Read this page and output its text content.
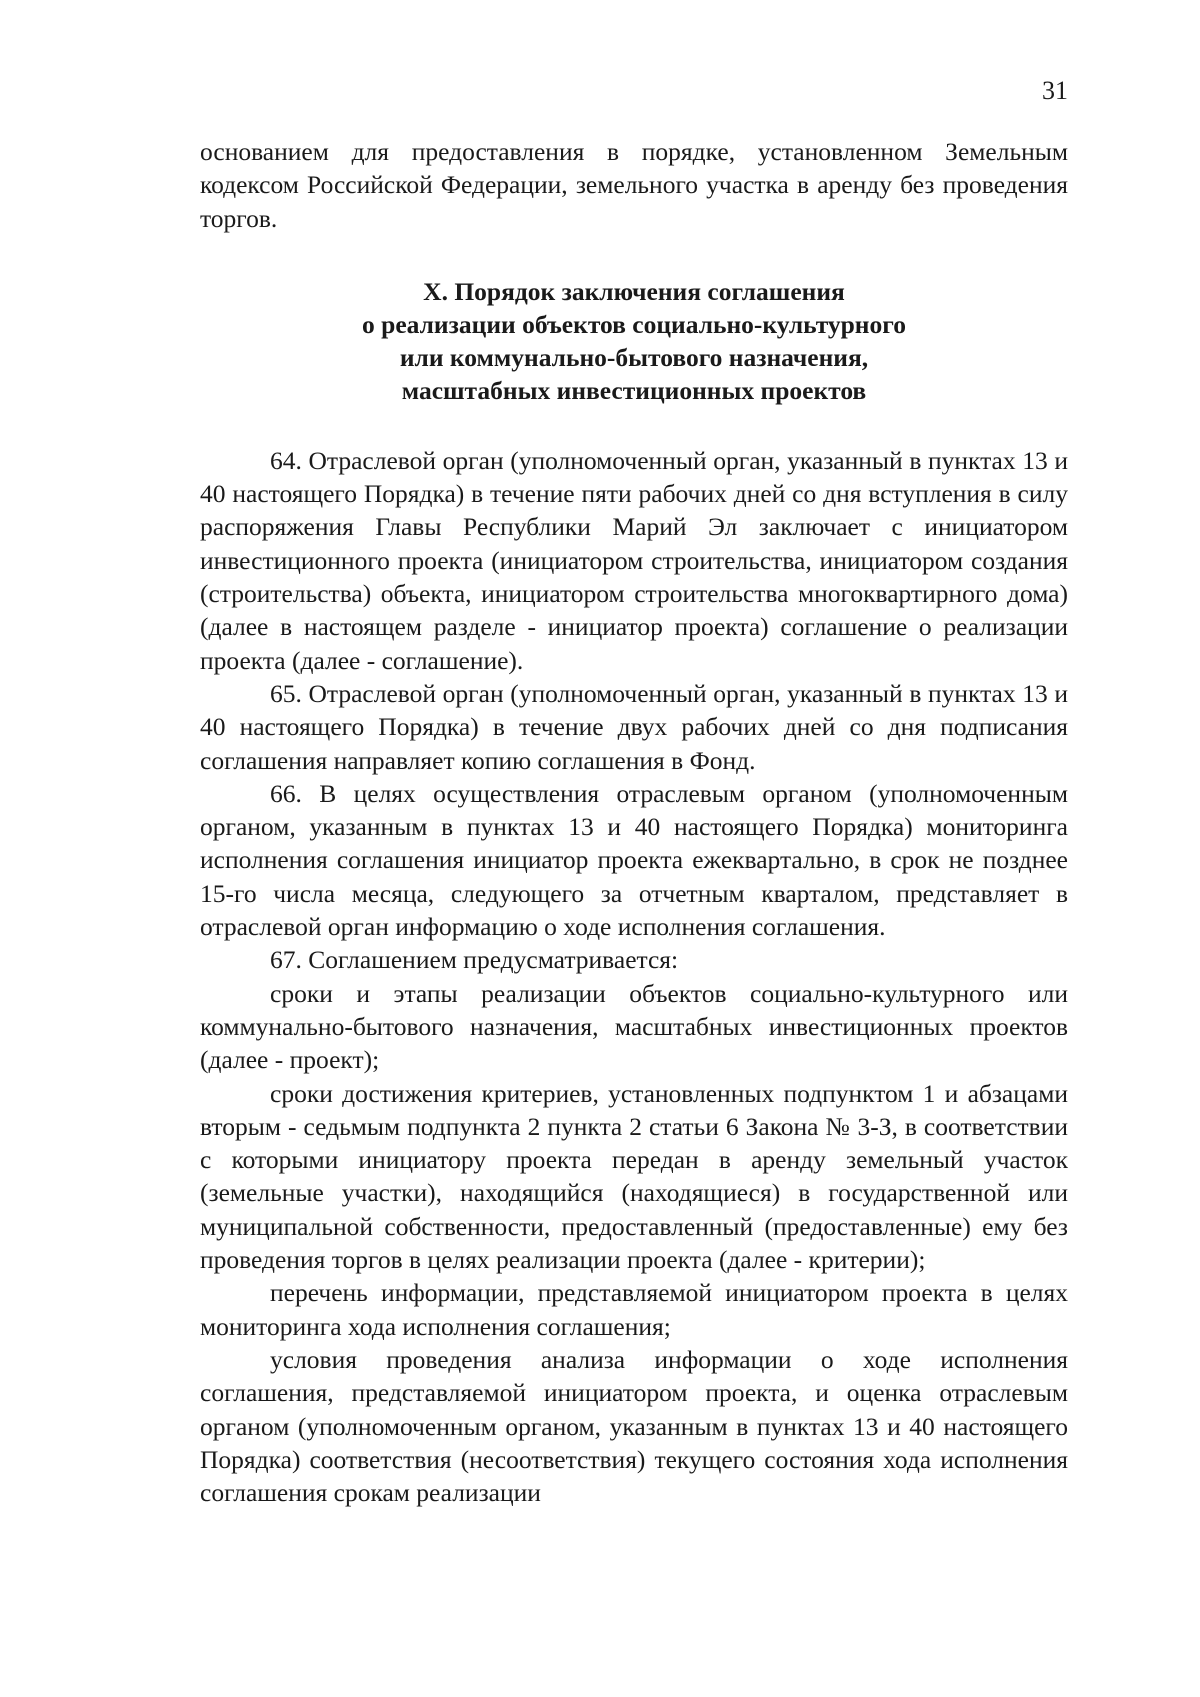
31

основанием для предоставления в порядке, установленном Земельным кодексом Российской Федерации, земельного участка в аренду без проведения торгов.

X. Порядок заключения соглашения
о реализации объектов социально-культурного
или коммунально-бытового назначения,
масштабных инвестиционных проектов

64. Отраслевой орган (уполномоченный орган, указанный в пунктах 13 и 40 настоящего Порядка) в течение пяти рабочих дней со дня вступления в силу распоряжения Главы Республики Марий Эл заключает с инициатором инвестиционного проекта (инициатором строительства, инициатором создания (строительства) объекта, инициатором строительства многоквартирного дома) (далее в настоящем разделе - инициатор проекта) соглашение о реализации проекта (далее - соглашение).

65. Отраслевой орган (уполномоченный орган, указанный в пунктах 13 и 40 настоящего Порядка) в течение двух рабочих дней со дня подписания соглашения направляет копию соглашения в Фонд.

66. В целях осуществления отраслевым органом (уполномоченным органом, указанным в пунктах 13 и 40 настоящего Порядка) мониторинга исполнения соглашения инициатор проекта ежеквартально, в срок не позднее 15-го числа месяца, следующего за отчетным кварталом, представляет в отраслевой орган информацию о ходе исполнения соглашения.

67. Соглашением предусматривается:

сроки и этапы реализации объектов социально-культурного или коммунально-бытового назначения, масштабных инвестиционных проектов (далее - проект);

сроки достижения критериев, установленных подпунктом 1 и абзацами вторым - седьмым подпункта 2 пункта 2 статьи 6 Закона № 3-З, в соответствии с которыми инициатору проекта передан в аренду земельный участок (земельные участки), находящийся (находящиеся) в государственной или муниципальной собственности, предоставленный (предоставленные) ему без проведения торгов в целях реализации проекта (далее - критерии);

перечень информации, представляемой инициатором проекта в целях мониторинга хода исполнения соглашения;

условия проведения анализа информации о ходе исполнения соглашения, представляемой инициатором проекта, и оценка отраслевым органом (уполномоченным органом, указанным в пунктах 13 и 40 настоящего Порядка) соответствия (несоответствия) текущего состояния хода исполнения соглашения срокам реализации
